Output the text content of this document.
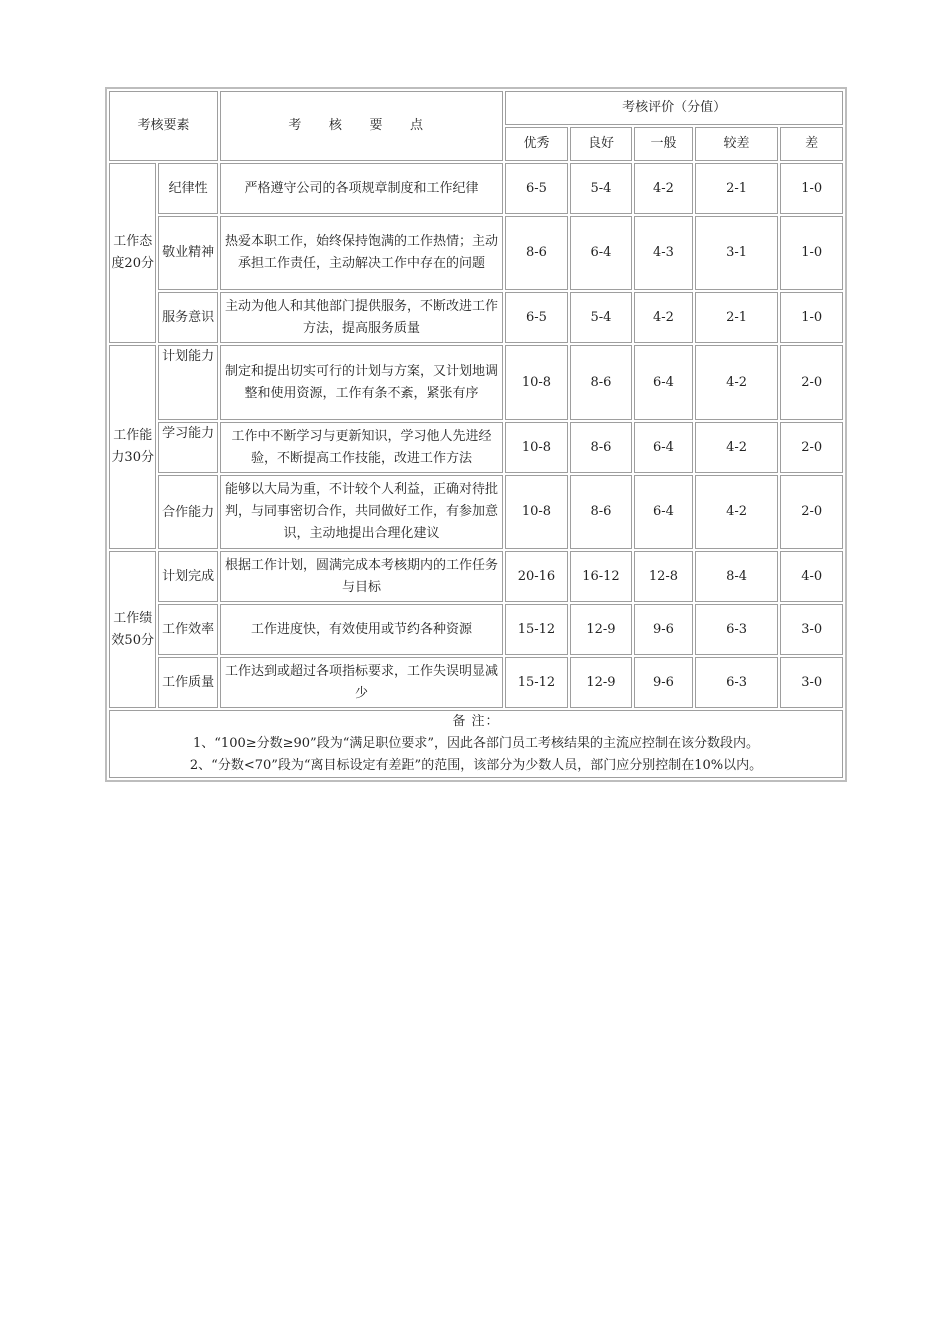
考核要素		考 核 要 点	考核评价（分值）				
			优秀	良好	一般	较差	差
工作态度20分	纪律性	严格遵守公司的各项规章制度和工作纪律	6-5	5-4	4-2	2-1	1-0
	敬业精神	热爱本职工作，始终保持饱满的工作热情；主动承担工作责任，主动解决工作中存在的问题	8-6	6-4	4-3	3-1	1-0
	服务意识	主动为他人和其他部门提供服务，不断改进工作方法，提高服务质量	6-5	5-4	4-2	2-1	1-0
工作能力30分	计划能力	制定和提出切实可行的计划与方案，又计划地调整和使用资源，工作有条不紊，紧张有序	10-8	8-6	6-4	4-2	2-0
	学习能力	工作中不断学习与更新知识，学习他人先进经验，不断提高工作技能，改进工作方法	10-8	8-6	6-4	4-2	2-0
	合作能力	能够以大局为重，不计较个人利益，正确对待批判，与同事密切合作，共同做好工作，有参加意识，主动地提出合理化建议	10-8	8-6	6-4	4-2	2-0
工作绩效50分	计划完成	根据工作计划，圆满完成本考核期内的工作任务与目标	20-16	16-12	12-8	8-4	4-0
	工作效率	工作进度快，有效使用或节约各种资源	15-12	12-9	9-6	6-3	3-0
	工作质量	工作达到或超过各项指标要求，工作失误明显减少	15-12	12-9	9-6	6-3	3-0

备 注：
1、“100≥分数≥90”段为“满足职位要求”，因此各部门员工考核结果的主流应控制在该分数段内。
2、“分数<70”段为“离目标设定有差距”的范围，该部分为少数人员，部门应分别控制在10%以内。							
